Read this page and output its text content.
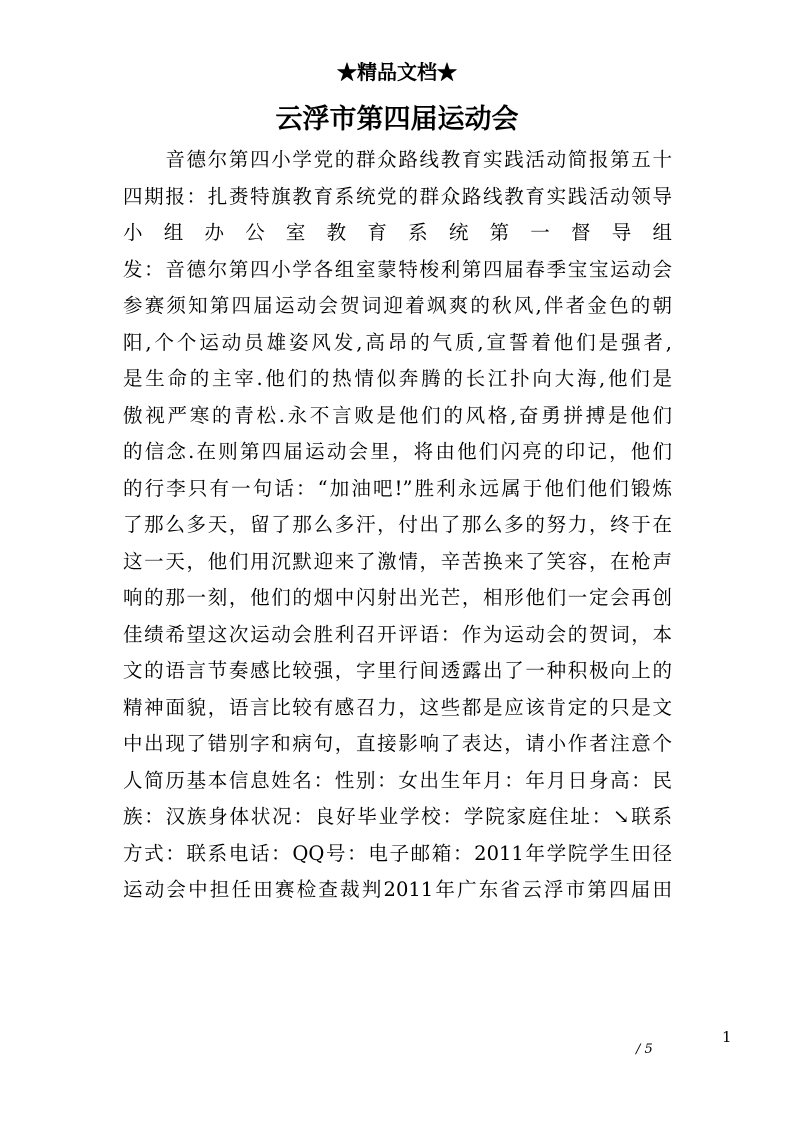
★精品文档★
云浮市第四届运动会
　　音德尔第四小学党的群众路线教育实践活动简报第五十
四期报：扎赉特旗教育系统党的群众路线教育实践活动领导
小　组　办　公　室　教　育　系　统　第　一　督　导　组
发：音德尔第四小学各组室蒙特梭利第四届春季宝宝运动会
参赛须知第四届运动会贺词迎着飒爽的秋风,伴者金色的朝
阳,个个运动员雄姿风发,高昂的气质,宣誓着他们是强者,
是生命的主宰.他们的热情似奔腾的长江扑向大海,他们是
傲视严寒的青松.永不言败是他们的风格,奋勇拼搏是他们
的信念.在则第四届运动会里，将由他们闪亮的印记，他们
的行李只有一句话：“加油吧!”胜利永远属于他们他们锻炼
了那么多天，留了那么多汗，付出了那么多的努力，终于在
这一天，他们用沉默迎来了激情，辛苦换来了笑容，在枪声
响的那一刻，他们的烟中闪射出光芒，相形他们一定会再创
佳绩希望这次运动会胜利召开评语：作为运动会的贺词，本
文的语言节奏感比较强，字里行间透露出了一种积极向上的
精神面貌，语言比较有感召力，这些都是应该肯定的只是文
中出现了错别字和病句，直接影响了表达，请小作者注意个
人简历基本信息姓名：性别：女出生年月：年月日身高：民
族：汉族身体状况：良好毕业学校：学院家庭住址：↘联系
方式：联系电话：QQ号：电子邮箱：2011年学院学生田径
运动会中担任田赛检查裁判2011年广东省云浮市第四届田
1
/ 5
